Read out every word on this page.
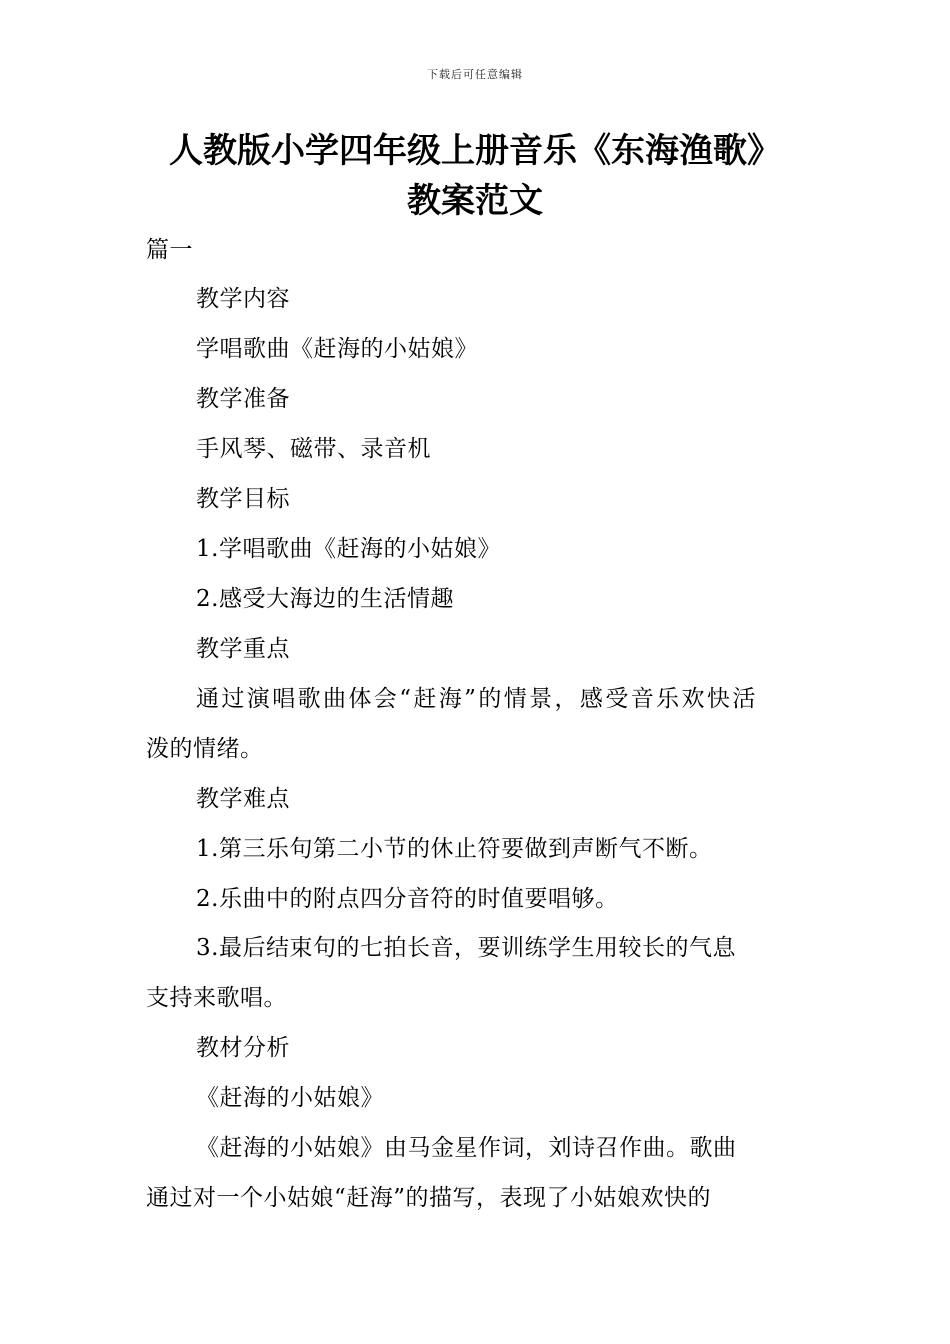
下载后可任意编辑
人教版小学四年级上册音乐《东海渔歌》
教案范文
篇一
教学内容
学唱歌曲《赶海的小姑娘》
教学准备
手风琴、磁带、录音机
教学目标
1.学唱歌曲《赶海的小姑娘》
2.感受大海边的生活情趣
教学重点
通过演唱歌曲体会“赶海”的情景，感受音乐欢快活
泼的情绪。
教学难点
1.第三乐句第二小节的休止符要做到声断气不断。
2.乐曲中的附点四分音符的时值要唱够。
3.最后结束句的七拍长音，要训练学生用较长的气息
支持来歌唱。
教材分析
《赶海的小姑娘》
《赶海的小姑娘》由马金星作词，刘诗召作曲。歌曲
通过对一个小姑娘“赶海”的描写，表现了小姑娘欢快的
